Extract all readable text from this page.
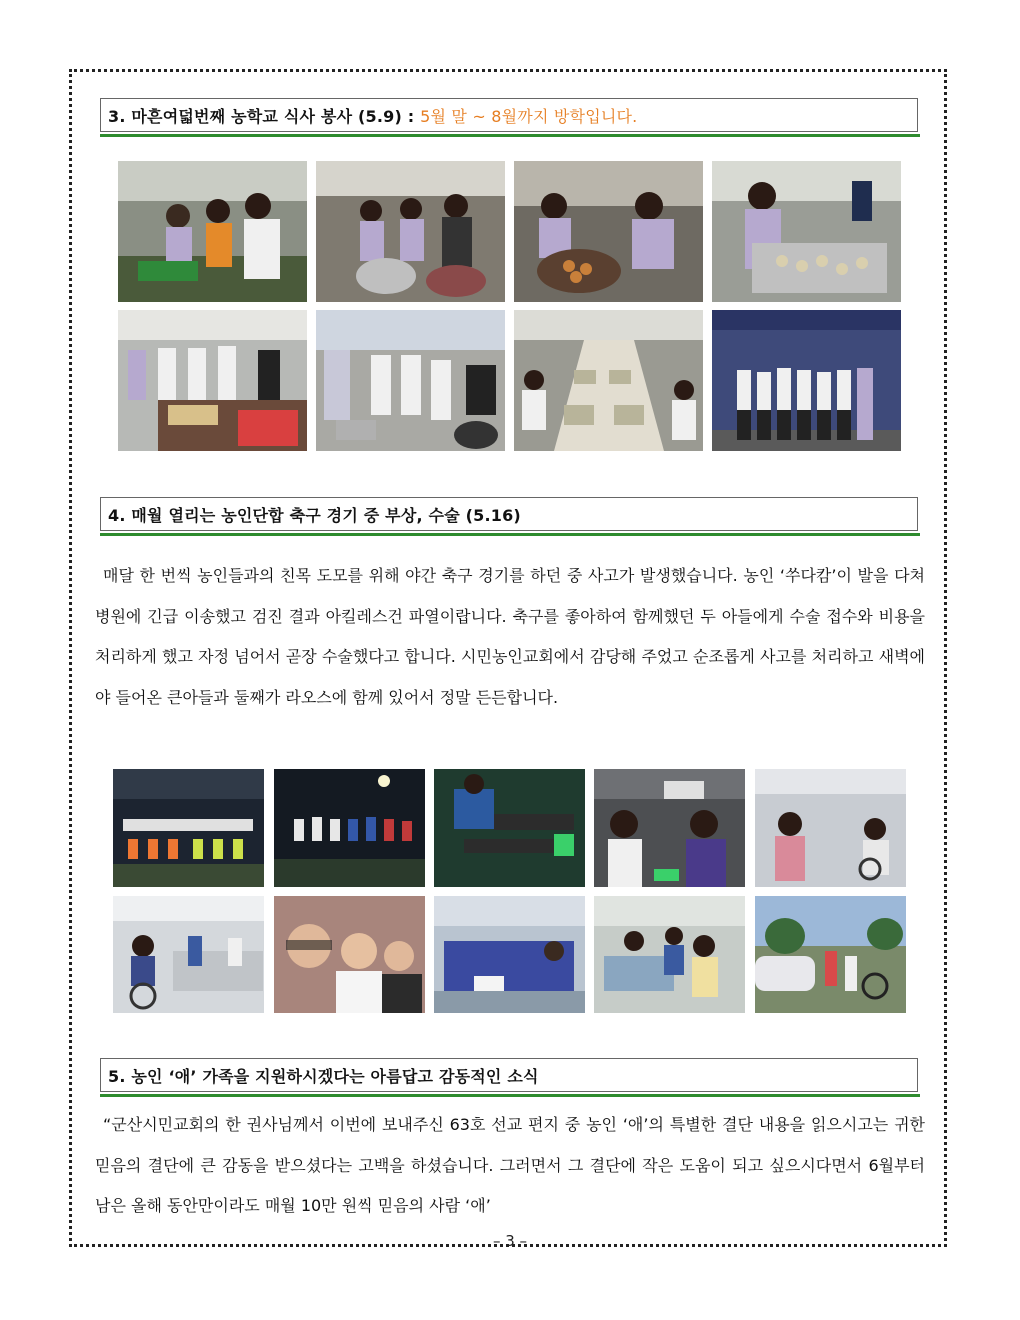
3. 마흔여덟번째 농학교 식사 봉사 (5.9) : 5월 말 ~ 8월까지 방학입니다.
4. 매월 열리는 농인단합 축구 경기 중 부상, 수술 (5.16)

매달 한 번씩 농인들과의 친목 도모를 위해 야간 축구 경기를 하던 중 사고가 발생했습니다. 농인 ‘쑤다캄’이 발을 다쳐 병원에 긴급 이송했고 검진 결과 아킬레스건 파열이랍니다. 축구를 좋아하여 함께했던 두 아들에게 수술 접수와 비용을 처리하게 했고 자정 넘어서 곧장 수술했다고 합니다. 시민농인교회에서 감당해 주었고 순조롭게 사고를 처리하고 새벽에야 들어온 큰아들과 둘째가 라오스에 함께 있어서 정말 든든합니다.

5. 농인 ‘애’ 가족을 지원하시겠다는 아름답고 감동적인 소식

“군산시민교회의 한 권사님께서 이번에 보내주신 63호 선교 편지 중 농인 ‘애’의 특별한 결단 내용을 읽으시고는 귀한 믿음의 결단에 큰 감동을 받으셨다는 고백을 하셨습니다. 그러면서 그 결단에 작은 도움이 되고 싶으시다면서 6월부터 남은 올해 동안만이라도 매월 10만 원씩 믿음의 사람 ‘애’

– 3 –
